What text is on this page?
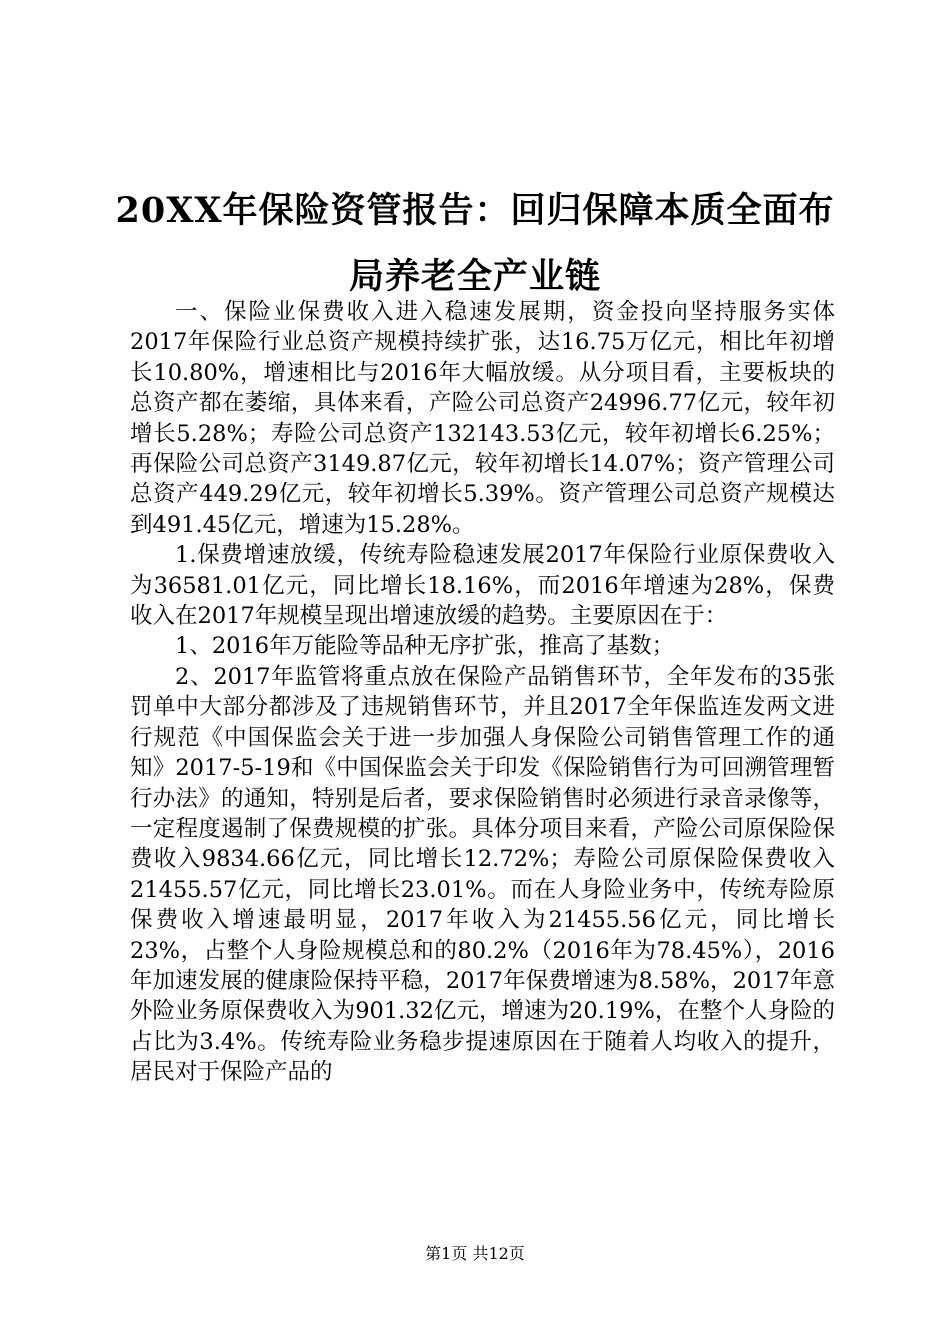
20XX年保险资管报告：回归保障本质全面布局养老全产业链

一、保险业保费收入进入稳速发展期，资金投向坚持服务实体2017年保险行业总资产规模持续扩张，达16.75万亿元，相比年初增长10.80%，增速相比与2016年大幅放缓。从分项目看，主要板块的总资产都在萎缩，具体来看，产险公司总资产24996.77亿元，较年初增长5.28%；寿险公司总资产132143.53亿元，较年初增长6.25%；再保险公司总资产3149.87亿元，较年初增长14.07%；资产管理公司总资产449.29亿元，较年初增长5.39%。资产管理公司总资产规模达到491.45亿元，增速为15.28%。

1.保费增速放缓，传统寿险稳速发展2017年保险行业原保费收入为36581.01亿元，同比增长18.16%，而2016年增速为28%，保费收入在2017年规模呈现出增速放缓的趋势。主要原因在于：

1、2016年万能险等品种无序扩张，推高了基数；

2、2017年监管将重点放在保险产品销售环节，全年发布的35张罚单中大部分都涉及了违规销售环节，并且2017全年保监连发两文进行规范《中国保监会关于进一步加强人身保险公司销售管理工作的通知》2017-5-19和《中国保监会关于印发《保险销售行为可回溯管理暂行办法》的通知，特别是后者，要求保险销售时必须进行录音录像等，一定程度遏制了保费规模的扩张。具体分项目来看，产险公司原保险保费收入9834.66亿元，同比增长12.72%；寿险公司原保险保费收入21455.57亿元，同比增长23.01%。而在人身险业务中，传统寿险原保费收入增速最明显，2017年收入为21455.56亿元，同比增长23%，占整个人身险规模总和的80.2%（2016年为78.45%），2016年加速发展的健康险保持平稳，2017年保费增速为8.58%，2017年意外险业务原保费收入为901.32亿元，增速为20.19%，在整个人身险的占比为3.4%。传统寿险业务稳步提速原因在于随着人均收入的提升，居民对于保险产品的

第1页 共12页
